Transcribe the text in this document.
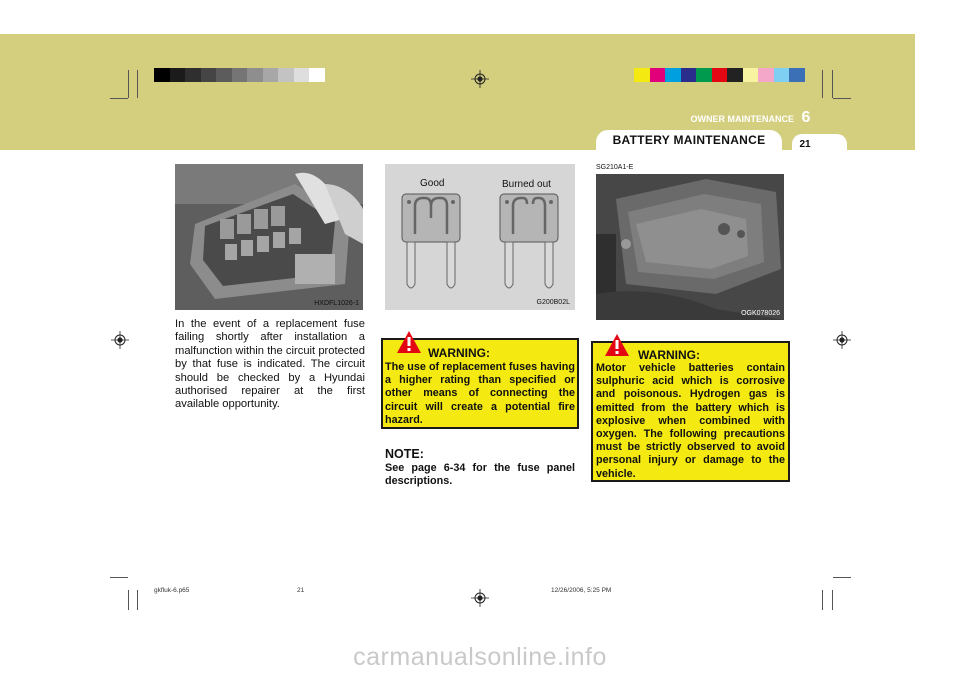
OWNER MAINTENANCE 6
BATTERY MAINTENANCE	21
HXDFL1026-1
Good	Burned out
G200B02L
SG210A1-E
OGK078026
In the event of a replacement fuse failing shortly after installation a malfunction within the circuit protected by that fuse is indicated. The circuit should be checked by a Hyundai authorised repairer at the first available opportunity.
WARNING:
The use of replacement fuses having a higher rating than specified or other means of connecting the circuit will create a potential fire hazard.
NOTE:
See page 6-34 for the fuse panel descriptions.
WARNING:
Motor vehicle batteries contain sulphuric acid which is corrosive and poisonous. Hydrogen gas is emitted from the battery which is explosive when combined with oxygen. The following precautions must be strictly observed to avoid personal injury or damage to the vehicle.
gkfluk-6.p65	21	12/26/2006, 5:25 PM
carmanualsonline.info
